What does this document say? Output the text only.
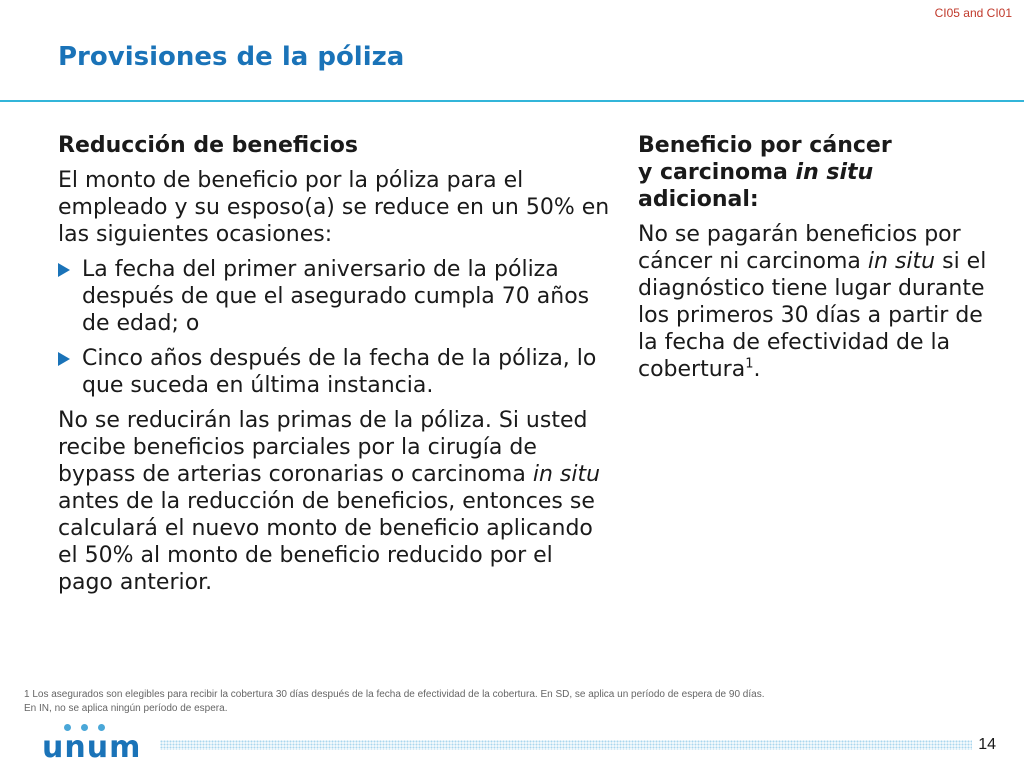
CI05 and CI01
Provisiones de la póliza

Reducción de beneficios

El monto de beneficio por la póliza para el empleado y su esposo(a) se reduce en un 50% en las siguientes ocasiones:

La fecha del primer aniversario de la póliza después de que el asegurado cumpla 70 años de edad; o
Cinco años después de la fecha de la póliza, lo que suceda en última instancia.

No se reducirán las primas de la póliza. Si usted recibe beneficios parciales por la cirugía de bypass de arterias coronarias o carcinoma in situ antes de la reducción de beneficios, entonces se calculará el nuevo monto de beneficio aplicando el 50% al monto de beneficio reducido por el pago anterior.

Beneficio por cáncer
y carcinoma in situ
adicional:

No se pagarán beneficios por cáncer ni carcinoma in situ si el diagnóstico tiene lugar durante los primeros 30 días a partir de la fecha de efectividad de la cobertura$^1$.

1 Los asegurados son elegibles para recibir la cobertura 30 días después de la fecha de efectividad de la cobertura. En SD, se aplica un período de espera de 90 días.
En IN, no se aplica ningún período de espera.
unum	14
